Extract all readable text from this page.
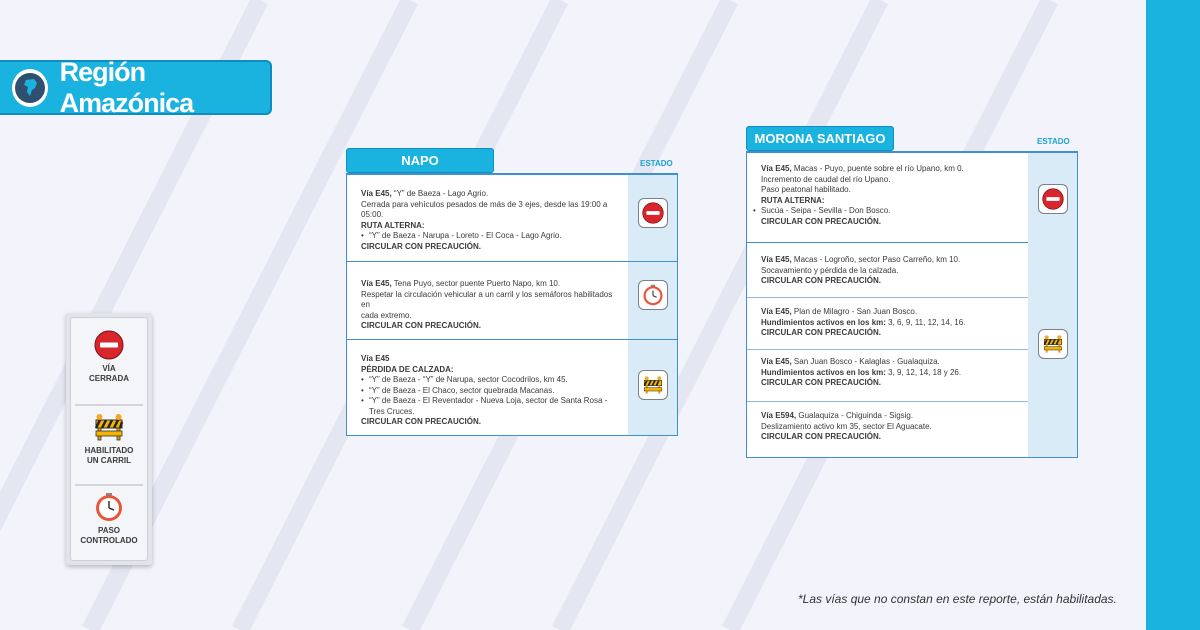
Región Amazónica
VÍA
CERRADA
HABILITADO
UN CARRIL
PASO
CONTROLADO
NAPO	ESTADO
Vía E45, “Y” de Baeza - Lago Agrio.
Cerrada para vehículos pesados de más de 3 ejes, desde las 19:00 a 05:00.
RUTA ALTERNA:
• “Y” de Baeza - Narupa - Loreto - El Coca - Lago Agrio.
CIRCULAR CON PRECAUCIÓN.
Vía E45, Tena Puyo, sector puente Puerto Napo, km 10.
Respetar la circulación vehicular a un carril y los semáforos habilitados en
cada extremo.
CIRCULAR CON PRECAUCIÓN.
Vía E45
PÉRDIDA DE CALZADA:
• “Y” de Baeza - “Y” de Narupa, sector Cocodrilos, km 45.
• “Y” de Baeza - El Chaco, sector quebrada Macanas.
• “Y” de Baeza - El Reventador - Nueva Loja, sector de Santa Rosa - Tres Cruces.
CIRCULAR CON PRECAUCIÓN.
MORONA SANTIAGO	ESTADO
Vía E45, Macas - Puyo, puente sobre el río Upano, km 0.
Incremento de caudal del río Upano.
Paso peatonal habilitado.
RUTA ALTERNA:
• Sucúa - Seipa - Sevilla - Don Bosco.
CIRCULAR CON PRECAUCIÓN.
Vía E45, Macas - Logroño, sector Paso Carreño, km 10.
Socavamiento y pérdida de la calzada.
CIRCULAR CON PRECAUCIÓN.
Vía E45, Plan de Milagro - San Juan Bosco.
Hundimientos activos en los km: 3, 6, 9, 11, 12, 14, 16.
CIRCULAR CON PRECAUCIÓN.
Vía E45, San Juan Bosco - Kalaglas - Gualaquiza.
Hundimientos activos en los km: 3, 9, 12, 14, 18 y 26.
CIRCULAR CON PRECAUCIÓN.
Vía E594, Gualaquiza - Chiguinda - Sigsig.
Deslizamiento activo km 35, sector El Aguacate.
CIRCULAR CON PRECAUCIÓN.
*Las vías que no constan en este reporte, están habilitadas.
